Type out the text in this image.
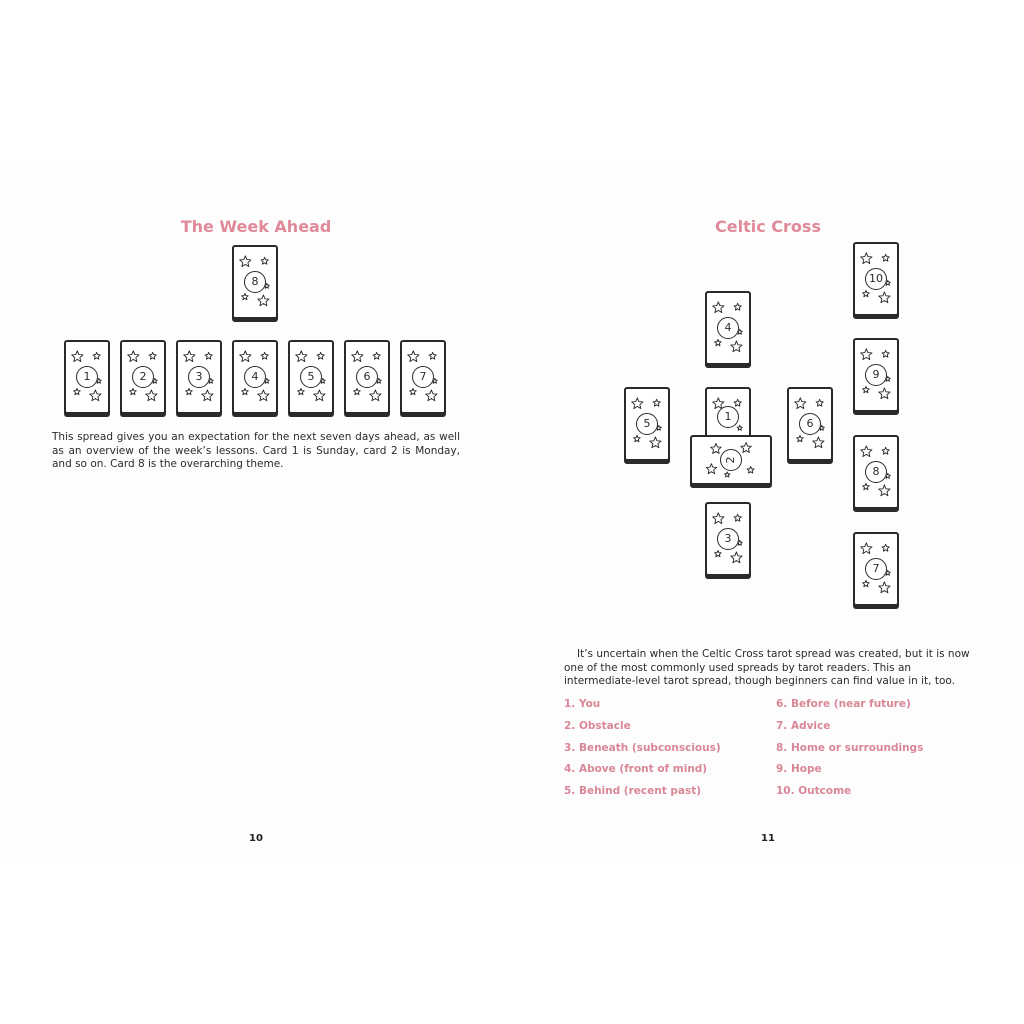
The Week Ahead
8
1	2	3	4	5	6	7

This spread gives you an expectation for the next seven days ahead, as well as an overview of the week’s lessons. Card 1 is Sunday, card 2 is Monday, and so on. Card 8 is the overarching theme.

10
Celtic Cross
10
4
9
5
1
6
2
8
3
7

It’s uncertain when the Celtic Cross tarot spread was created, but it is now one of the most commonly used spreads by tarot readers. This an intermediate-level tarot spread, though beginners can find value in it, too.

1. You
2. Obstacle
3. Beneath (subconscious)
4. Above (front of mind)
5. Behind (recent past)
6. Before (near future)
7. Advice
8. Home or surroundings
9. Hope
10. Outcome
11
